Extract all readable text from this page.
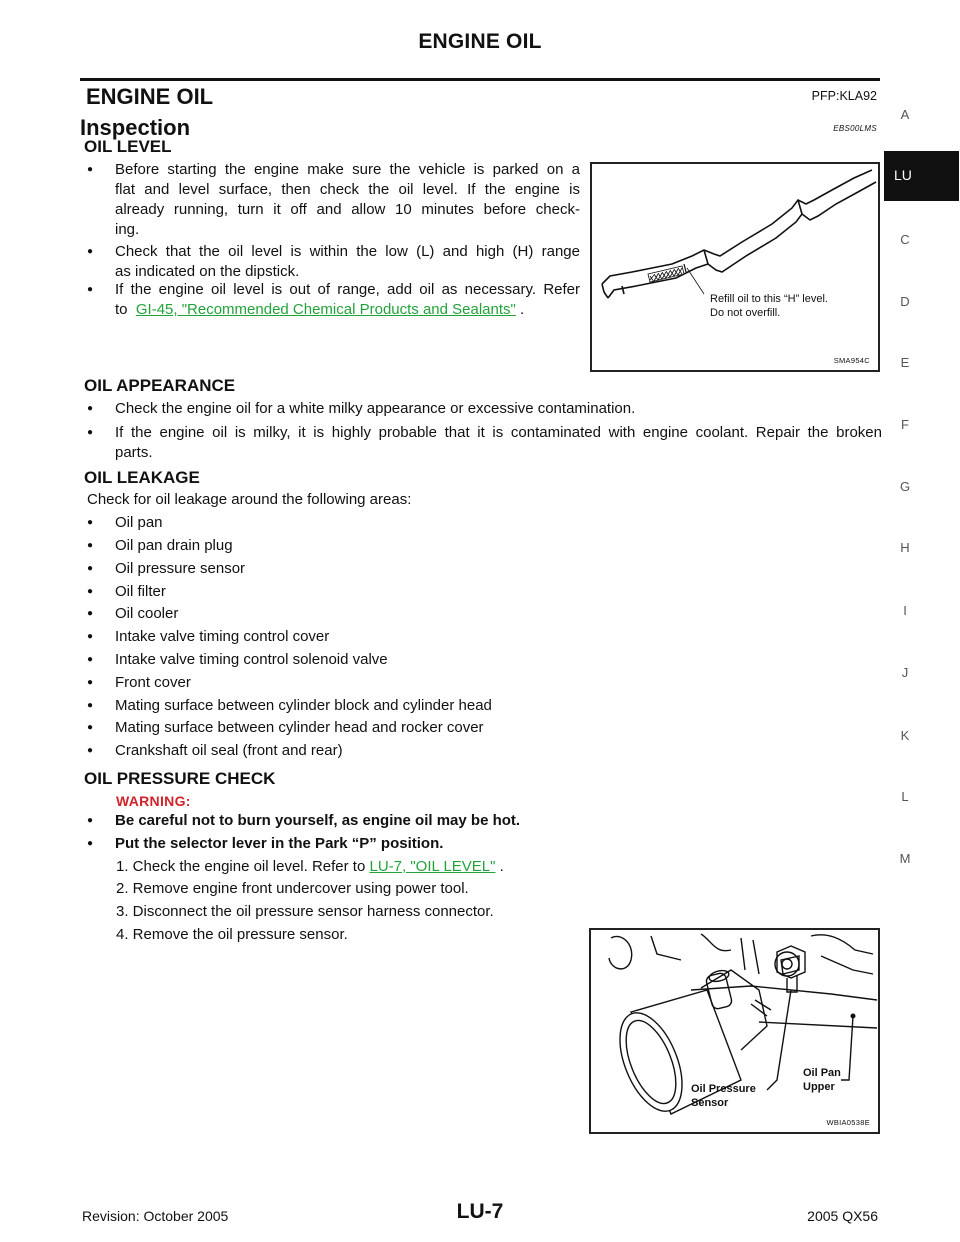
ENGINE OIL
ENGINE OIL	PFP:KLA92
Inspection	EBS00LMS
OIL LEVEL
●	Before starting the engine make sure the vehicle is parked on a
flat and level surface, then check the oil level. If the engine is
already running, turn it off and allow 10 minutes before check-
ing.
●	Check that the oil level is within the low (L) and high (H) range
as indicated on the dipstick.
●	If the engine oil level is out of range, add oil as necessary. Refer
to GI-45, "Recommended Chemical Products and Sealants" .
Refill oil to this “H” level.
Do not overfill.
SMA954C
OIL APPEARANCE
●	Check the engine oil for a white milky appearance or excessive contamination.
●	If the engine oil is milky, it is highly probable that it is contaminated with engine coolant. Repair the broken
parts.
OIL LEAKAGE
Check for oil leakage around the following areas:
●	Oil pan
●	Oil pan drain plug
●	Oil pressure sensor
●	Oil filter
●	Oil cooler
●	Intake valve timing control cover
●	Intake valve timing control solenoid valve
●	Front cover
●	Mating surface between cylinder block and cylinder head
●	Mating surface between cylinder head and rocker cover
●	Crankshaft oil seal (front and rear)
OIL PRESSURE CHECK
WARNING:
●	Be careful not to burn yourself, as engine oil may be hot.
●	Put the selector lever in the Park “P” position.
1. Check the engine oil level. Refer to LU-7, "OIL LEVEL" .
2. Remove engine front undercover using power tool.
3. Disconnect the oil pressure sensor harness connector.
4. Remove the oil pressure sensor.
Oil Pan
Upper
Oil Pressure
Sensor
WBIA0538E
A
LU
C
D
E
F
G
H
I
J
K
L
M
Revision: October 2005	LU-7	2005 QX56
